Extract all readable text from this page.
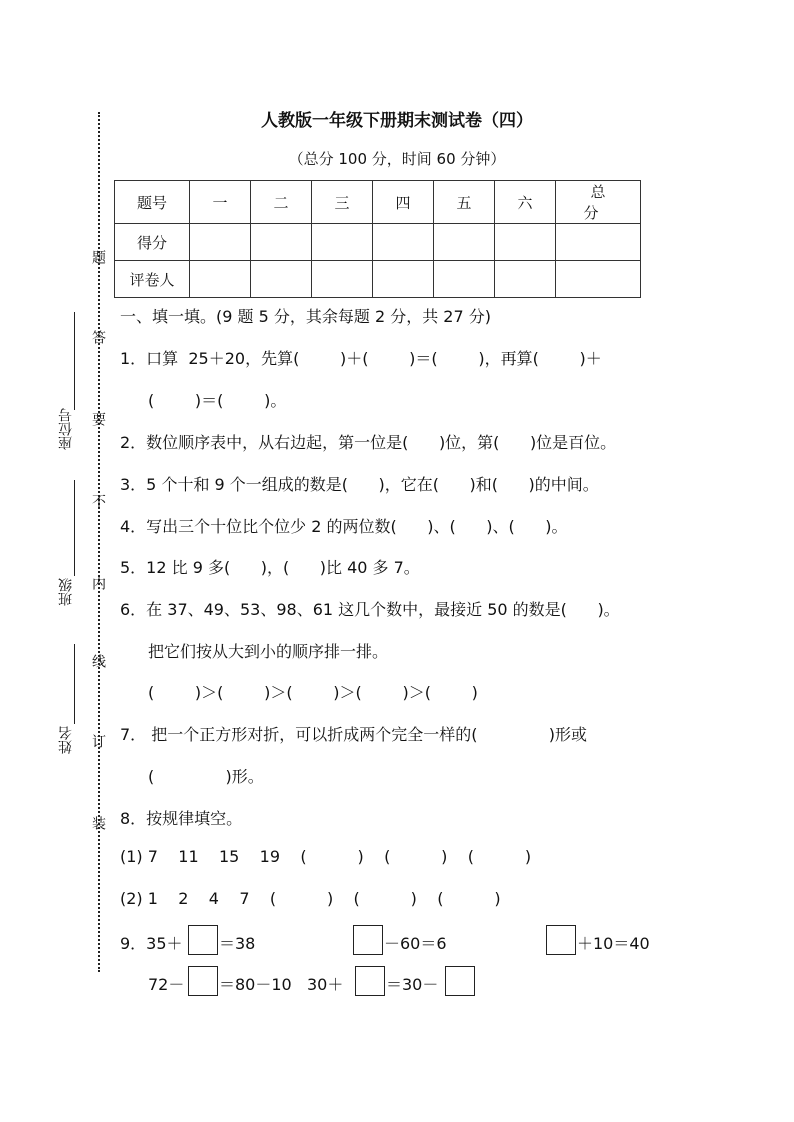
题
答
要
不
内
线
订
装
座位号
班级
姓名
人教版一年级下册期末测试卷（四）
（总分 100 分，时间 60 分钟）
题号	一	二	三	四	五	六	总 分
得分							
评卷人							
一、填一填。(9 题 5 分，其余每题 2 分，共 27 分)
1．口算  25＋20，先算(        )＋(        )＝(        )，再算(        )＋
(        )＝(        )。
2．数位顺序表中，从右边起，第一位是(      )位，第(      )位是百位。
3．5 个十和 9 个一组成的数是(      )，它在(      )和(      )的中间。
4．写出三个十位比个位少 2 的两位数(      )、(      )、(      )。
5．12 比 9 多(      )，(      )比 40 多 7。
6．在 37、49、53、98、61 这几个数中，最接近 50 的数是(      )。
把它们按从大到小的顺序排一排。
(        )＞(        )＞(        )＞(        )＞(        )
7． 把一个正方形对折，可以折成两个完全一样的(              )形或
(              )形。
8．按规律填空。
(1) 7    11    15    19    (          )    (          )    (          )
(2) 1    2    4    7    (          )    (          )    (          )
9．35＋ ＝38	－60＝6	＋10＝40
72－ ＝80－10   30＋	＝30－
